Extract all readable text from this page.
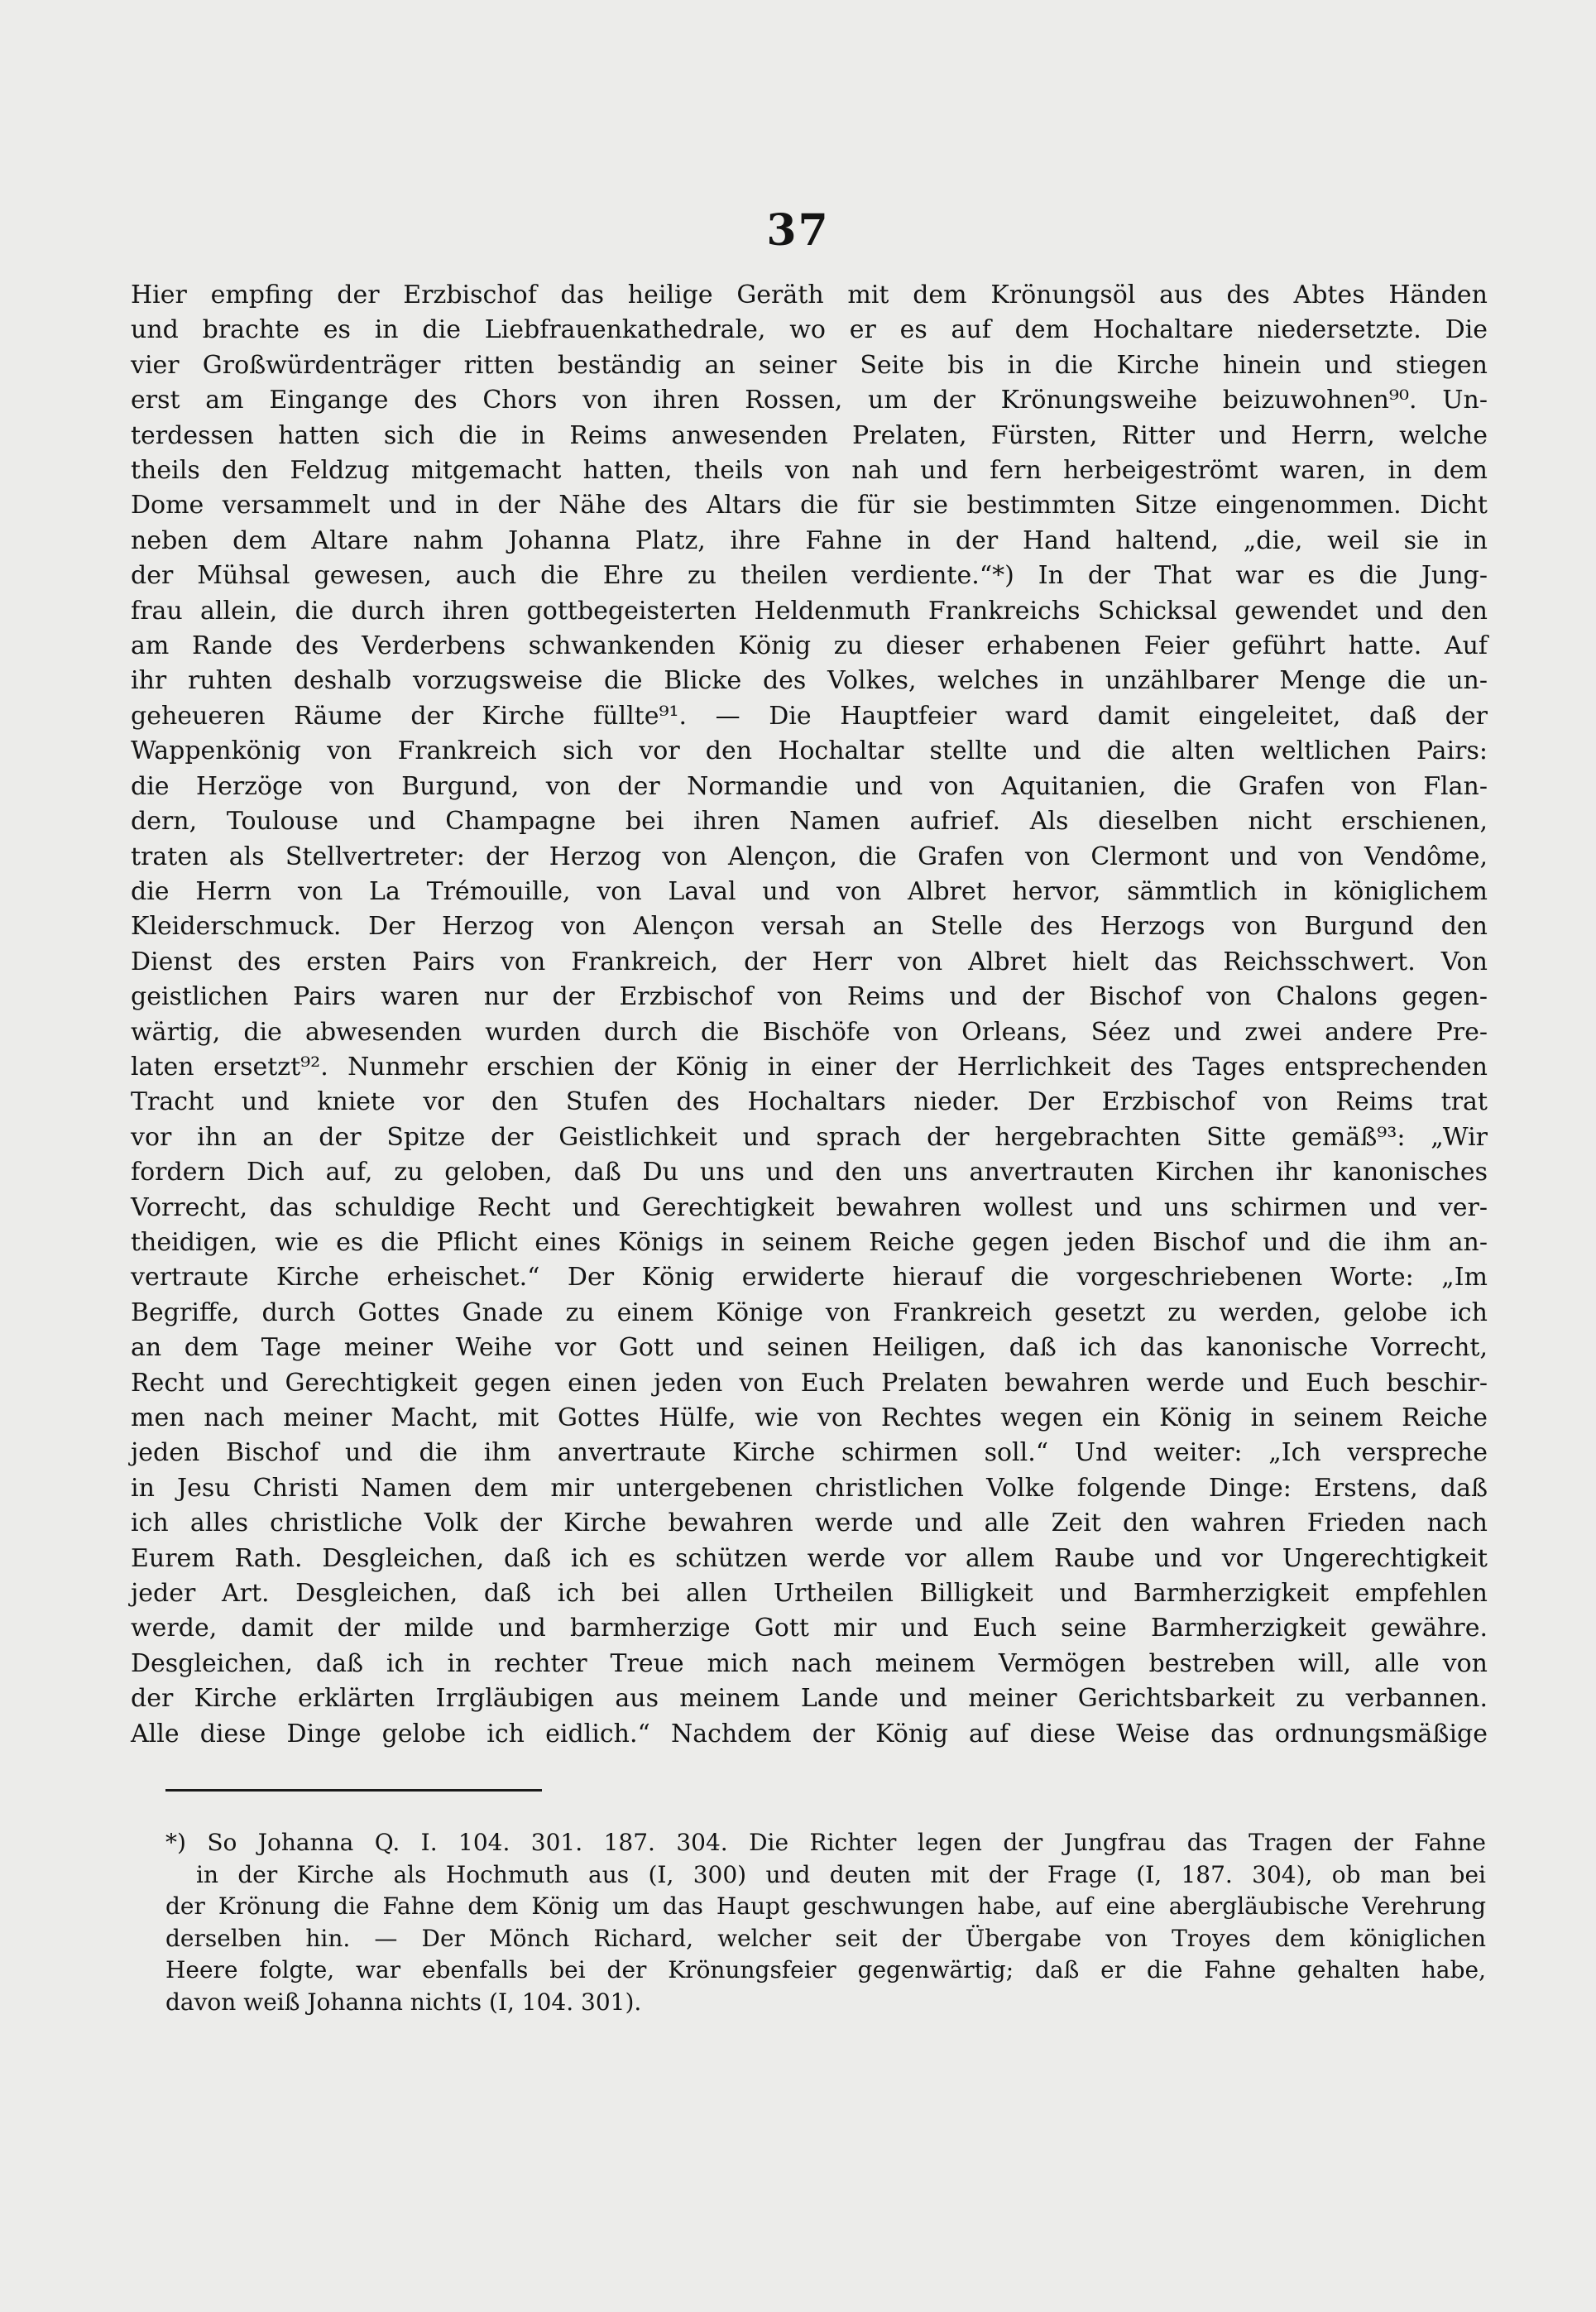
37
Hier empfing der Erzbischof das heilige Geräth mit dem Krönungsöl aus des Abtes Händen
und brachte es in die Liebfrauenkathedrale, wo er es auf dem Hochaltare niedersetzte. Die
vier Großwürdenträger ritten beständig an seiner Seite bis in die Kirche hinein und stiegen
erst am Eingange des Chors von ihren Rossen, um der Krönungsweihe beizuwohnen⁹⁰. Un-
terdessen hatten sich die in Reims anwesenden Prelaten, Fürsten, Ritter und Herrn, welche
theils den Feldzug mitgemacht hatten, theils von nah und fern herbeigeströmt waren, in dem
Dome versammelt und in der Nähe des Altars die für sie bestimmten Sitze eingenommen. Dicht
neben dem Altare nahm Johanna Platz, ihre Fahne in der Hand haltend, „die, weil sie in
der Mühsal gewesen, auch die Ehre zu theilen verdiente.“*) In der That war es die Jung-
frau allein, die durch ihren gottbegeisterten Heldenmuth Frankreichs Schicksal gewendet und den
am Rande des Verderbens schwankenden König zu dieser erhabenen Feier geführt hatte. Auf
ihr ruhten deshalb vorzugsweise die Blicke des Volkes, welches in unzählbarer Menge die un-
geheueren Räume der Kirche füllte⁹¹. — Die Hauptfeier ward damit eingeleitet, daß der
Wappenkönig von Frankreich sich vor den Hochaltar stellte und die alten weltlichen Pairs:
die Herzöge von Burgund, von der Normandie und von Aquitanien, die Grafen von Flan-
dern, Toulouse und Champagne bei ihren Namen aufrief. Als dieselben nicht erschienen,
traten als Stellvertreter: der Herzog von Alençon, die Grafen von Clermont und von Vendôme,
die Herrn von La Trémouille, von Laval und von Albret hervor, sämmtlich in königlichem
Kleiderschmuck. Der Herzog von Alençon versah an Stelle des Herzogs von Burgund den
Dienst des ersten Pairs von Frankreich, der Herr von Albret hielt das Reichsschwert. Von
geistlichen Pairs waren nur der Erzbischof von Reims und der Bischof von Chalons gegen-
wärtig, die abwesenden wurden durch die Bischöfe von Orleans, Séez und zwei andere Pre-
laten ersetzt⁹². Nunmehr erschien der König in einer der Herrlichkeit des Tages entsprechenden
Tracht und kniete vor den Stufen des Hochaltars nieder. Der Erzbischof von Reims trat
vor ihn an der Spitze der Geistlichkeit und sprach der hergebrachten Sitte gemäß⁹³: „Wir
fordern Dich auf, zu geloben, daß Du uns und den uns anvertrauten Kirchen ihr kanonisches
Vorrecht, das schuldige Recht und Gerechtigkeit bewahren wollest und uns schirmen und ver-
theidigen, wie es die Pflicht eines Königs in seinem Reiche gegen jeden Bischof und die ihm an-
vertraute Kirche erheischet.“ Der König erwiderte hierauf die vorgeschriebenen Worte: „Im
Begriffe, durch Gottes Gnade zu einem Könige von Frankreich gesetzt zu werden, gelobe ich
an dem Tage meiner Weihe vor Gott und seinen Heiligen, daß ich das kanonische Vorrecht,
Recht und Gerechtigkeit gegen einen jeden von Euch Prelaten bewahren werde und Euch beschir-
men nach meiner Macht, mit Gottes Hülfe, wie von Rechtes wegen ein König in seinem Reiche
jeden Bischof und die ihm anvertraute Kirche schirmen soll.“ Und weiter: „Ich verspreche
in Jesu Christi Namen dem mir untergebenen christlichen Volke folgende Dinge: Erstens, daß
ich alles christliche Volk der Kirche bewahren werde und alle Zeit den wahren Frieden nach
Eurem Rath. Desgleichen, daß ich es schützen werde vor allem Raube und vor Ungerechtigkeit
jeder Art. Desgleichen, daß ich bei allen Urtheilen Billigkeit und Barmherzigkeit empfehlen
werde, damit der milde und barmherzige Gott mir und Euch seine Barmherzigkeit gewähre.
Desgleichen, daß ich in rechter Treue mich nach meinem Vermögen bestreben will, alle von
der Kirche erklärten Irrgläubigen aus meinem Lande und meiner Gerichtsbarkeit zu verbannen.
Alle diese Dinge gelobe ich eidlich.“ Nachdem der König auf diese Weise das ordnungsmäßige
*) So Johanna Q. I. 104. 301. 187. 304. Die Richter legen der Jungfrau das Tragen der Fahne
in der Kirche als Hochmuth aus (I, 300) und deuten mit der Frage (I, 187. 304), ob man bei
der Krönung die Fahne dem König um das Haupt geschwungen habe, auf eine abergläubische Verehrung
derselben hin. — Der Mönch Richard, welcher seit der Übergabe von Troyes dem königlichen
Heere folgte, war ebenfalls bei der Krönungsfeier gegenwärtig; daß er die Fahne gehalten habe,
davon weiß Johanna nichts (I, 104. 301).
